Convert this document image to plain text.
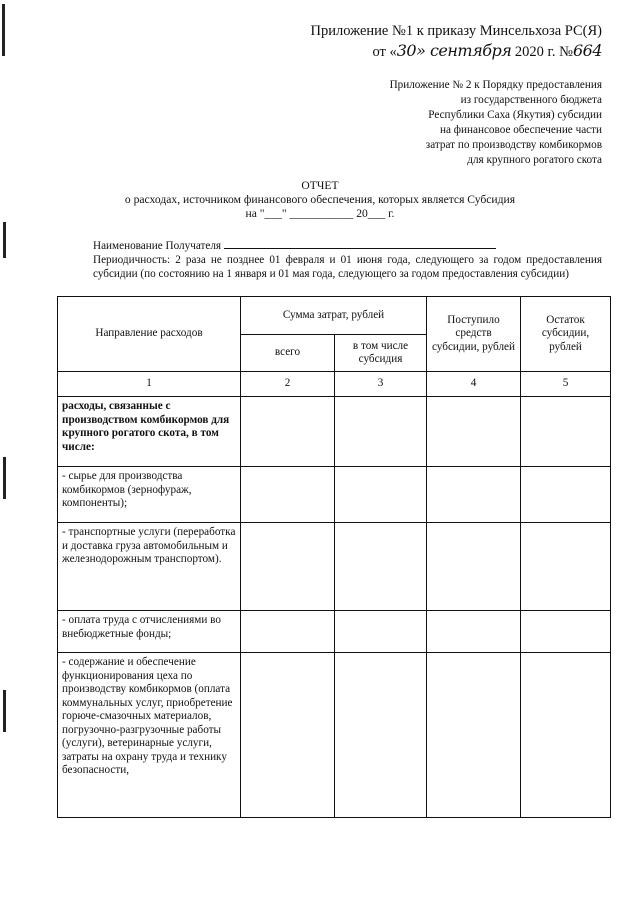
Приложение №1 к приказу Минсельхоза РС(Я)
от «30» сентября 2020 г. №664
Приложение № 2 к Порядку предоставления
из государственного бюджета
Республики Саха (Якутия) субсидии
на финансовое обеспечение части
затрат по производству комбикормов
для крупного рогатого скота
ОТЧЕТ
о расходах, источником финансового обеспечения, которых является Субсидия
на "___" ___________ 20___ г.

Наименование Получателя

Периодичность: 2 раза не позднее 01 февраля и 01 июня года, следующего за годом предоставления субсидии (по состоянию на 1 января и 01 мая года, следующего за годом предоставления субсидии)

Направление расходов	Сумма затрат, рублей		Поступило средств субсидии, рублей	Остаток субсидии, рублей
	всего	в том числе субсидия		
1	2	3	4	5
расходы, связанные с производством комбикормов для крупного рогатого скота, в том числе:				
- сырье для производства комбикормов (зернофураж, компоненты);				
- транспортные услуги (переработка и доставка груза автомобильным и железнодорожным транспортом).				
- оплата труда с отчислениями во внебюджетные фонды;				
- содержание и обеспечение функционирования цеха по производству комбикормов (оплата коммунальных услуг, приобретение горюче-смазочных материалов, погрузочно-разгрузочные работы (услуги), ветеринарные услуги, затраты на охрану труда и технику безопасности,				
